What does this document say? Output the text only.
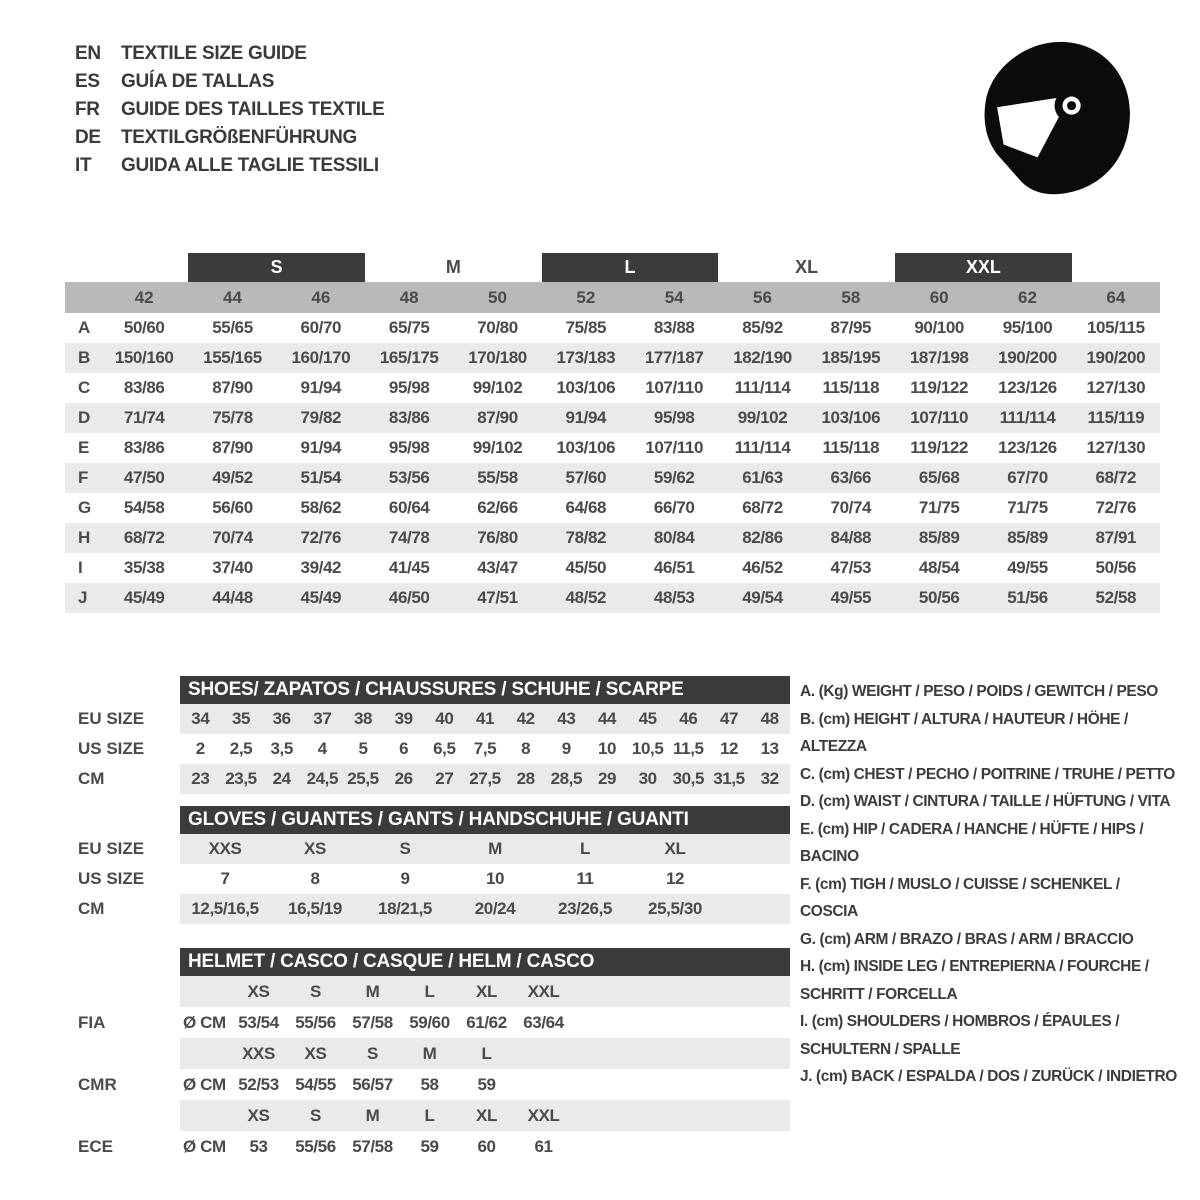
EN	TEXTILE SIZE GUIDE
ES	GUÍA DE TALLAS
FR	GUIDE DES TAILLES TEXTILE
DE	TEXTILGRÖßENFÜHRUNG
IT	GUIDA ALLE TAGLIE TESSILI
S	M	L	XL	XXL
42	44	46	48	50	52	54	56	58	60	62	64
A	50/60	55/65	60/70	65/75	70/80	75/85	83/88	85/92	87/95	90/100	95/100	105/115
B	150/160	155/165	160/170	165/175	170/180	173/183	177/187	182/190	185/195	187/198	190/200	190/200
C	83/86	87/90	91/94	95/98	99/102	103/106	107/110	111/114	115/118	119/122	123/126	127/130
D	71/74	75/78	79/82	83/86	87/90	91/94	95/98	99/102	103/106	107/110	111/114	115/119
E	83/86	87/90	91/94	95/98	99/102	103/106	107/110	111/114	115/118	119/122	123/126	127/130
F	47/50	49/52	51/54	53/56	55/58	57/60	59/62	61/63	63/66	65/68	67/70	68/72
G	54/58	56/60	58/62	60/64	62/66	64/68	66/70	68/72	70/74	71/75	71/75	72/76
H	68/72	70/74	72/76	74/78	76/80	78/82	80/84	82/86	84/88	85/89	85/89	87/91
I	35/38	37/40	39/42	41/45	43/47	45/50	46/51	46/52	47/53	48/54	49/55	50/56
J	45/49	44/48	45/49	46/50	47/51	48/52	48/53	49/54	49/55	50/56	51/56	52/58
SHOES/ ZAPATOS / CHAUSSURES / SCHUHE / SCARPE
EU SIZE	34	35	36	37	38	39	40	41	42	43	44	45	46	47	48
US SIZE	2	2,5	3,5	4	5	6	6,5	7,5	8	9	10 10,5 11,5 12	13
CM	23 23,5 24 24,5 25,5 26	27 27,5 28 28,5 29	30 30,5 31,5 32
GLOVES / GUANTES / GANTS / HANDSCHUHE / GUANTI
EU SIZE	XXS	XS	S	M	L	XL
US SIZE	7	8	9	10	11	12
CM	12,5/16,5	16,5/19	18/21,5	20/24	23/26,5	25,5/30
HELMET / CASCO / CASQUE / HELM / CASCO
XS	S	M	L	XL	XXL
FIA	Ø CM 53/54 55/56 57/58 59/60 61/62 63/64
XXS	XS	S	M	L
CMR	Ø CM 52/53 54/55 56/57	58	59
XS	S	M	L	XL	XXL
ECE	Ø CM	53	55/56 57/58	59	60	61
A. (Kg) WEIGHT / PESO / POIDS / GEWITCH / PESO
B. (cm) HEIGHT / ALTURA / HAUTEUR / HÖHE / ALTEZZA
C. (cm) CHEST / PECHO / POITRINE / TRUHE / PETTO
D. (cm) WAIST / CINTURA / TAILLE / HÜFTUNG / VITA
E. (cm) HIP / CADERA / HANCHE / HÜFTE / HIPS / BACINO
F. (cm) TIGH / MUSLO / CUISSE / SCHENKEL / COSCIA
G. (cm) ARM / BRAZO / BRAS / ARM / BRACCIO
H. (cm) INSIDE LEG / ENTREPIERNA / FOURCHE / SCHRITT / FORCELLA
I. (cm) SHOULDERS / HOMBROS / ÉPAULES / SCHULTERN / SPALLE
J. (cm) BACK / ESPALDA / DOS / ZURÜCK / INDIETRO
